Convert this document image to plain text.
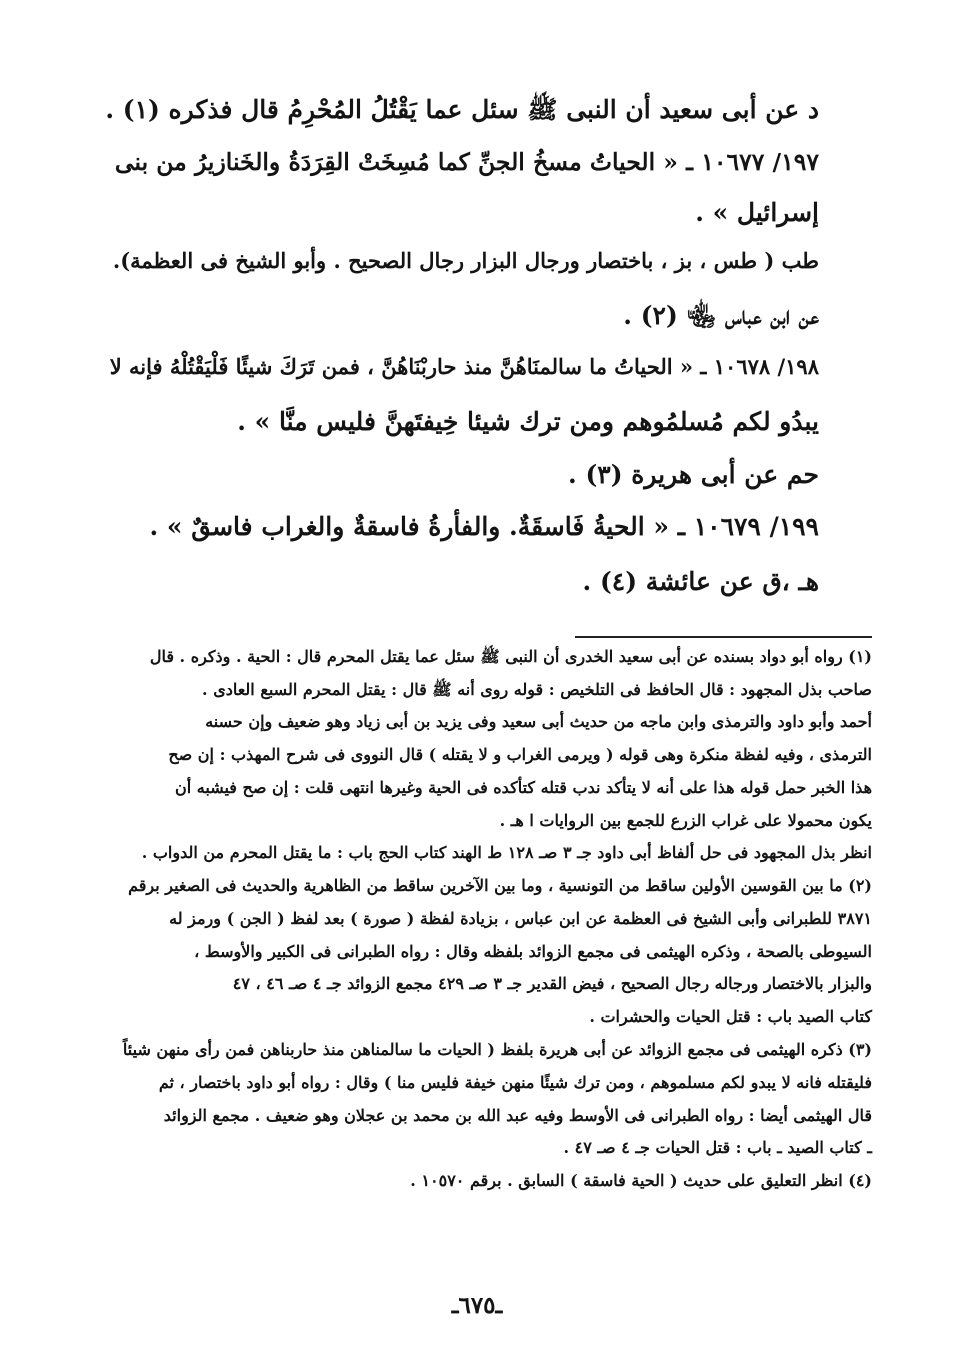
د عن أبى سعيد أن النبى ﷺ سئل عما يَقْتُلُ المُحْرِمُ قال فذكره (١) .
١٩٧/ ١٠٦٧٧ ـ « الحياتُ مسخُ الجنِّ كما مُسِخَتْ القِرَدَةُ والخَنازيرُ من بنى
إسرائيل » .
طب ( طس ، بز ، باختصار ورجال البزار رجال الصحيح . وأبو الشيخ فى العظمة).
عن ابن عباس ﵄ (٢) .
١٩٨/ ١٠٦٧٨ ـ « الحياتُ ما سالمنَاهُنَّ منذ حاربْنَاهُنَّ ، فمن تَرَكَ شيئًا فَلْيَقْتُلْهُ فإنه لا
يبدُو لكم مُسلمُوهم ومن ترك شيئا خِيفتَهنَّ فليس منَّا » .
حم عن أبى هريرة (٣) .
١٩٩/ ١٠٦٧٩ ـ « الحيةُ فَاسقَةٌ. والفأرةُ فاسقةٌ والغراب فاسقٌ » .
هـ ،ق عن عائشة (٤) .
(١) رواه أبو دواد بسنده عن أبى سعيد الخدرى أن النبى ﷺ سئل عما يقتل المحرم قال : الحية . وذكره . قال
صاحب بذل المجهود : قال الحافظ فى التلخيص : قوله روى أنه ﷺ قال : يقتل المحرم السبع العادى .
أحمد وأبو داود والترمذى وابن ماجه من حديث أبى سعيد وفى يزيد بن أبى زياد وهو ضعيف وإن حسنه
الترمذى ، وفيه لفظة منكرة وهى قوله ( ويرمى الغراب و لا يقتله ) قال النووى فى شرح المهذب : إن صح
هذا الخبر حمل قوله هذا على أنه لا يتأكد ندب قتله كتأكده فى الحية وغيرها انتهى قلت : إن صح فيشبه أن
يكون محمولا على غراب الزرع للجمع بين الروايات ا هـ .
انظر بذل المجهود فى حل ألفاظ أبى داود جـ ٣ صـ ١٢٨ ط الهند كتاب الحج باب : ما يقتل المحرم من الدواب .
(٢) ما بين القوسين الأولين ساقط من التونسية ، وما بين الآخرين ساقط من الظاهرية والحديث فى الصغير برقم
٣٨٧١ للطبرانى وأبى الشيخ فى العظمة عن ابن عباس ، بزيادة لفظة ( صورة ) بعد لفظ ( الجن ) ورمز له
السيوطى بالصحة ، وذكره الهيثمى فى مجمع الزوائد بلفظه وقال : رواه الطبرانى فى الكبير والأوسط ،
والبزار بالاختصار ورجاله رجال الصحيح ، فيض القدير جـ ٣ صـ ٤٢٩ مجمع الزوائد جـ ٤ صـ ٤٦ ، ٤٧
كتاب الصيد باب : قتل الحيات والحشرات .
(٣) ذكره الهيثمى فى مجمع الزوائد عن أبى هريرة بلفظ ( الحيات ما سالمناهن منذ حاربناهن فمن رأى منهن شيئاً
فليقتله فانه لا يبدو لكم مسلموهم ، ومن ترك شيئًا منهن خيفة فليس منا ) وقال : رواه أبو داود باختصار ، ثم
قال الهيثمى أيضا : رواه الطبرانى فى الأوسط وفيه عبد الله بن محمد بن عجلان وهو ضعيف . مجمع الزوائد
ـ كتاب الصيد ـ باب : قتل الحيات جـ ٤ صـ ٤٧ .
(٤) انظر التعليق على حديث ( الحية فاسقة ) السابق . برقم ١٠٥٧٠ .
ـ٦٧٥ـ
